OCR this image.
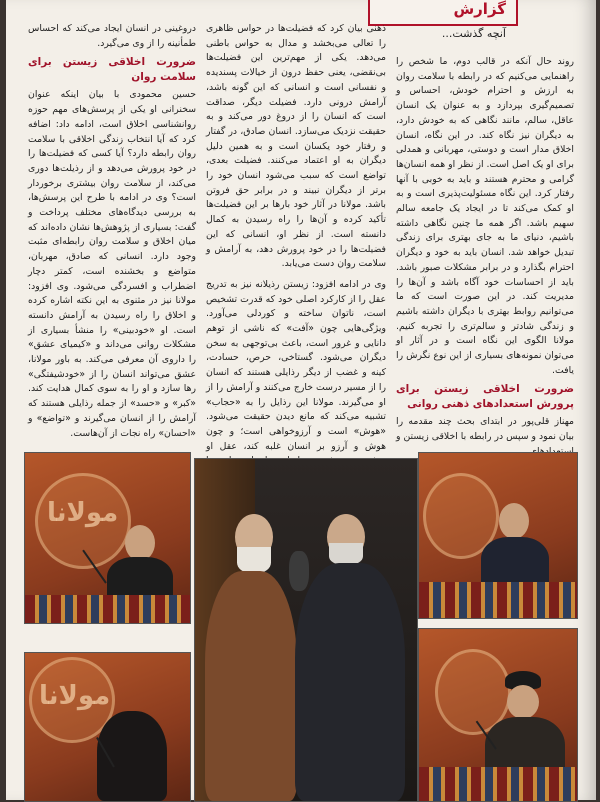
گزارش
آنچه گذشت...

روند حال آنکه در قالب دوم، ما شخص را راهنمایی می‌کنیم که در رابطه با سلامت روان به ارزش و احترام خودش، احساس و تصمیم‌گیری بپردازد و به عنوان یک انسان عاقل، سالم، مانند نگاهی که به خودش دارد، به دیگران نیز نگاه کند. در این نگاه، انسان اخلاق مدار است و دوستی، مهربانی و همدلی برای او یک اصل است. از نظر او همه انسان‌ها گرامی و محترم هستند و باید به خوبی با آنها رفتار کرد. این نگاه مسئولیت‌پذیری است و به او کمک می‌کند تا در ایجاد یک جامعه سالم سهیم باشد. اگر همه ما چنین نگاهی داشته باشیم، دنیای ما به جای بهتری برای زندگی تبدیل خواهد شد. انسان باید به خود و دیگران احترام بگذارد و در برابر مشکلات صبور باشد. باید از احساسات خود آگاه باشد و آن‌ها را مدیریت کند. در این صورت است که ما می‌توانیم روابط بهتری با دیگران داشته باشیم و زندگی شادتر و سالم‌تری را تجربه کنیم. مولانا الگوی این نگاه است و در آثار او می‌توان نمونه‌های بسیاری از این نوع نگرش را یافت.

ضرورت اخلاقی زیستن برای پرورش استعدادهای ذهنی روانی

مهناز قلی‌پور در ابتدای بحث چند مقدمه را بیان نمود و سپس در رابطه با اخلاقی زیستن و

ذهنی بیان کرد که فضیلت‌ها در حواس ظاهری را تعالی می‌بخشد و مدال به حواس باطنی می‌دهد. یکی از مهم‌ترین این فضیلت‌ها بی‌نقضی، یعنی حفظ درون از خیالات پسندیده و نفسانی است و انسانی که این گونه باشد، آرامش درونی دارد. فضیلت دیگر، صداقت است که انسان را از دروغ دور می‌کند و به حقیقت نزدیک می‌سازد. انسان صادق، در گفتار و رفتار خود یکسان است و به همین دلیل دیگران به او اعتماد می‌کنند. فضیلت بعدی، تواضع است که سبب می‌شود انسان خود را برتر از دیگران نبیند و در برابر حق فروتن باشد. مولانا در آثار خود بارها بر این فضیلت‌ها تأکید کرده و آن‌ها را راه رسیدن به کمال دانسته است. از نظر او، انسانی که این فضیلت‌ها را در خود پرورش دهد، به آرامش و سلامت روان دست می‌یابد.

وی در ادامه افزود: زیستن رذیلانه نیز به تدریج عقل را از کارکرد اصلی خود که قدرت تشخیص است، ناتوان ساخته و کوردلی می‌آورد. ویژگی‌هایی چون «آفت» که ناشی از توهم دانایی و غرور است، باعث بی‌توجهی به سخن دیگران می‌شود. گستاخی، حرص، حسادت، کینه و غضب از دیگر رذایلی هستند که انسان را از مسیر درست خارج می‌کنند و آرامش را از او می‌گیرند. مولانا این رذایل را به «حجاب» تشبیه می‌کند که مانع دیدن حقیقت می‌شود. «هوش» است و آرزوخواهی است؛ و چون هوش و آرزو بر انسان غلبه کند، عقل او

دروغینی در انسان ایجاد می‌کند که احساس طمأنینه را از وی می‌گیرد.

ضرورت اخلاقی زیستن برای سلامت روان

حسین محمودی با بیان اینکه عنوان سخنرانی او یکی از پرسش‌های مهم حوزه روانشناسی اخلاق است، ادامه داد: اضافه کرد که آیا انتخاب زندگی اخلاقی با سلامت روان رابطه دارد؟ آیا کسی که فضیلت‌ها را در خود پرورش می‌دهد و از رذیلت‌ها دوری می‌کند، از سلامت روان بیشتری برخوردار است؟ وی در ادامه با طرح این پرسش‌ها، به بررسی دیدگاه‌های مختلف پرداخت و گفت: بسیاری از پژوهش‌ها نشان داده‌اند که میان اخلاق و سلامت روان رابطه‌ای مثبت وجود دارد. انسانی که صادق، مهربان، متواضع و بخشنده است، کمتر دچار اضطراب و افسردگی می‌شود. وی افزود: مولانا نیز در مثنوی به این نکته اشاره کرده و اخلاق را راه رسیدن به آرامش دانسته است. او «خودبینی» را منشأ بسیاری از مشکلات روانی می‌داند و «کیمیای عشق» را داروی آن معرفی می‌کند. به باور مولانا، عشق می‌تواند انسان را از «خودشیفتگی» رها سازد و او را به سوی کمال هدایت کند. «کبر» و «حسد» از جمله رذایلی هستند که آرامش را از انسان می‌گیرند و «تواضع» و «احسان» راه نجات از آن‌هاست.

مولانا
مولانا
